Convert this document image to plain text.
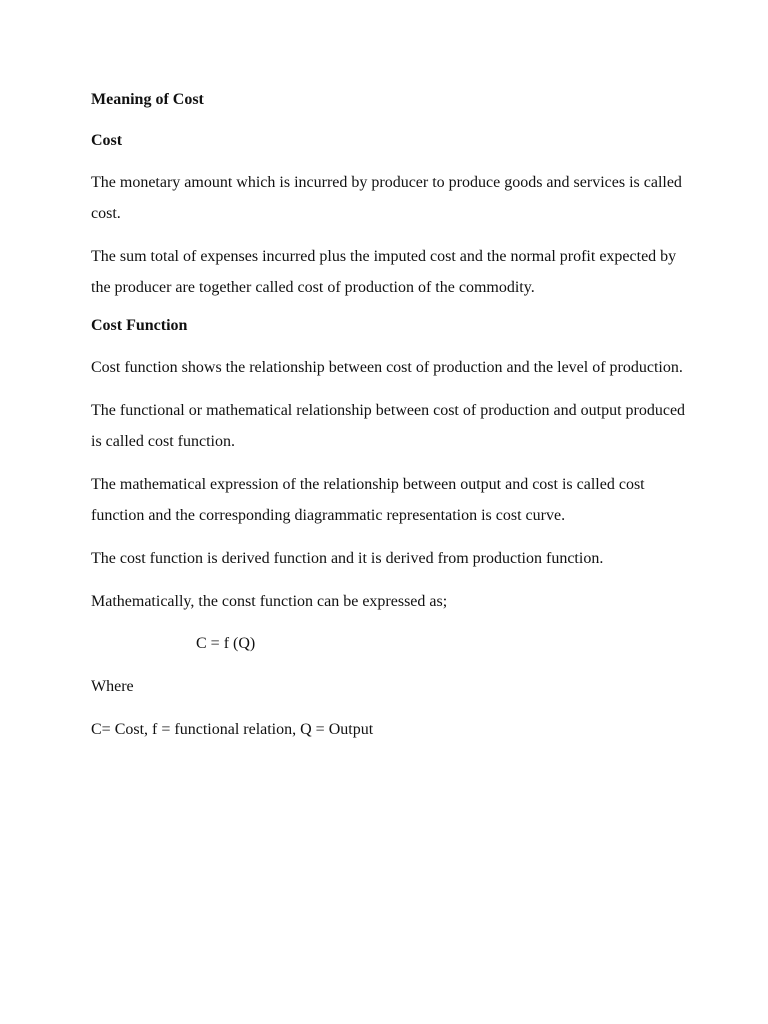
Meaning of Cost

Cost

The monetary amount which is incurred by producer to produce goods and services is called cost.

The sum total of expenses incurred plus the imputed cost and the normal profit expected by the producer are together called cost of production of the commodity.

Cost Function

Cost function shows the relationship between cost of production and the level of production.

The functional or mathematical relationship between cost of production and output produced is called cost function.

The mathematical expression of the relationship between output and cost is called cost function and the corresponding diagrammatic representation is cost curve.

The cost function is derived function and it is derived from production function.

Mathematically, the const function can be expressed as;

C = f (Q)

Where

C= Cost, f = functional relation, Q = Output
